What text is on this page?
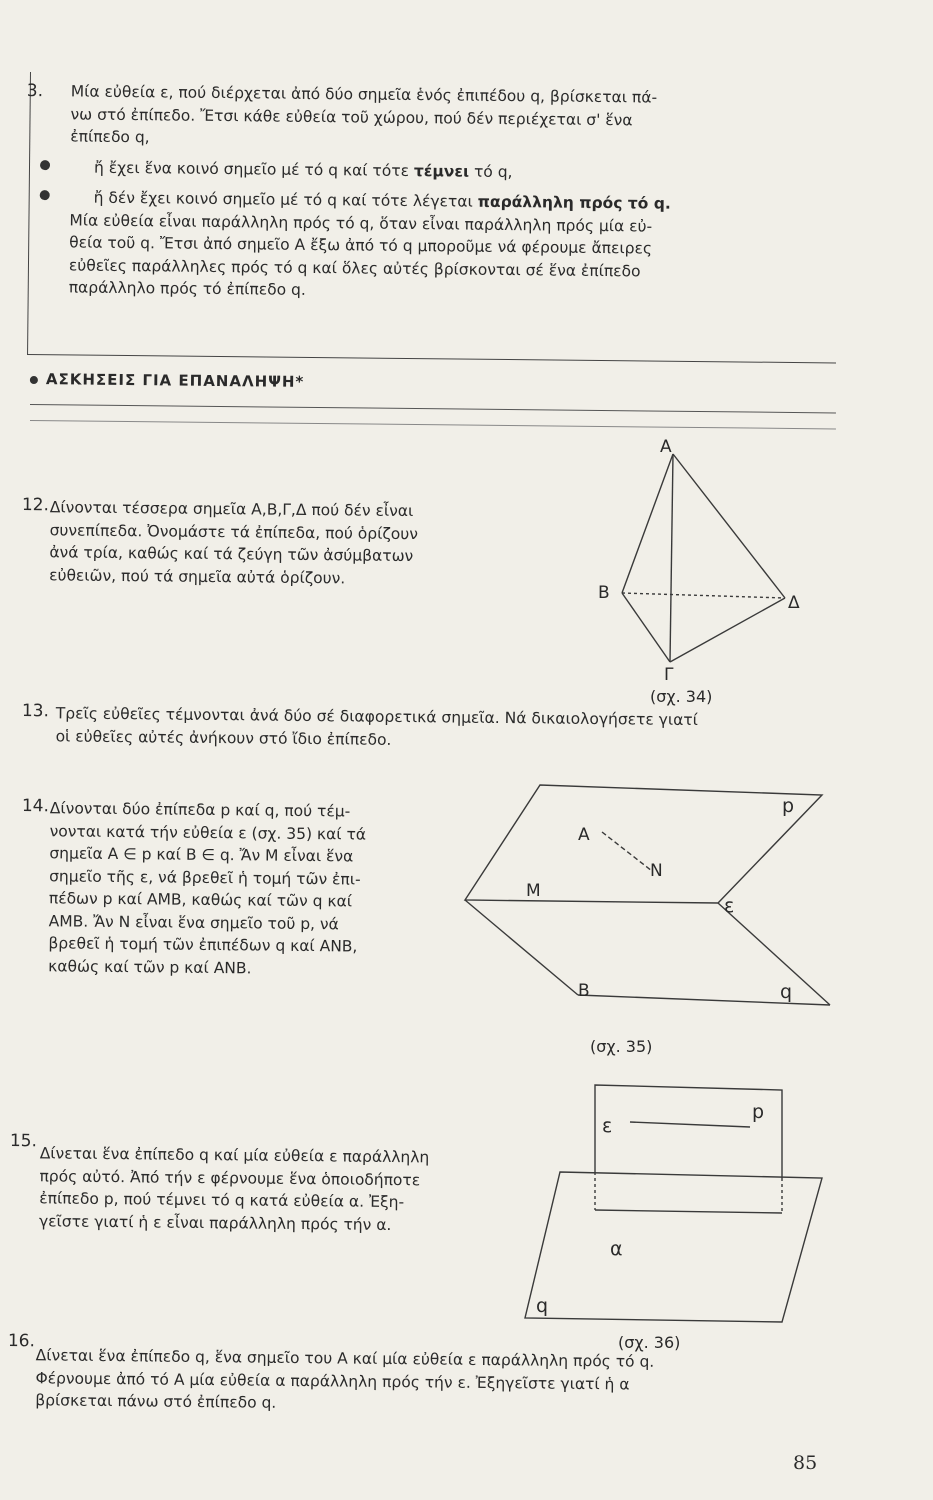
3. Μία εὐθεία ε, πού διέρχεται ἀπό δύο σημεῖα ἑνός ἐπιπέδου q, βρίσκεται πά-
νω στό ἐπίπεδο. Ἔτσι κάθε εὐθεία τοῦ χώρου, πού δέν περιέχεται σ' ἕνα
ἐπίπεδο q,
ἤ ἔχει ἕνα κοινό σημεῖο μέ τό q καί τότε τέμνει τό q,
ἤ δέν ἔχει κοινό σημεῖο μέ τό q καί τότε λέγεται παράλληλη πρός τό q.
Μία εὐθεία εἶναι παράλληλη πρός τό q, ὅταν εἶναι παράλληλη πρός μία εὐ-
θεία τοῦ q. Ἔτσι ἀπό σημεῖο A ἔξω ἀπό τό q μποροῦμε νά φέρουμε ἄπειρες
εὐθεῖες παράλληλες πρός τό q καί ὅλες αὐτές βρίσκονται σέ ἕνα ἐπίπεδο
παράλληλο πρός τό ἐπίπεδο q.
ΑΣΚΗΣΕΙΣ ΓΙΑ ΕΠΑΝΑΛΗΨΗ*
12. Δίνονται τέσσερα σημεῖα A,B,Γ,Δ πού δέν εἶναι
συνεπίπεδα. Ὀνομάστε τά ἐπίπεδα, πού ὁρίζουν
ἀνά τρία, καθώς καί τά ζεύγη τῶν ἀσύμβατων
εὐθειῶν, πού τά σημεῖα αὐτά ὁρίζουν.
A
B	Δ
Γ
(σχ. 34)
13. Τρεῖς εὐθεῖες τέμνονται ἀνά δύο σέ διαφορετικά σημεῖα. Νά δικαιολογήσετε γιατί
οἱ εὐθεῖες αὐτές ἀνήκουν στό ἴδιο ἐπίπεδο.
14. Δίνονται δύο ἐπίπεδα p καί q, πού τέμ-
νονται κατά τήν εὐθεία ε (σχ. 35) καί τά
σημεῖα A ∈ p καί B ∈ q. Ἄν M εἶναι ἕνα
σημεῖο τῆς ε, νά βρεθεῖ ἡ τομή τῶν ἐπι-
πέδων p καί AMB, καθώς καί τῶν q καί
AMB. Ἄν N εἶναι ἕνα σημεῖο τοῦ p, νά
βρεθεῖ ἡ τομή τῶν ἐπιπέδων q καί ANB,
καθώς καί τῶν p καί ANB.
p
A
N
M
ε
B	q
(σχ. 35)
15.
Δίνεται ἕνα ἐπίπεδο q καί μία εὐθεία ε παράλληλη
πρός αὐτό. Ἀπό τήν ε φέρνουμε ἕνα ὁποιοδήποτε
ἐπίπεδο p, πού τέμνει τό q κατά εὐθεία α. Ἐξη-
γεῖστε γιατί ἡ ε εἶναι παράλληλη πρός τήν α.
p
ε
α
q
(σχ. 36)
16.
Δίνεται ἕνα ἐπίπεδο q, ἕνα σημεῖο του A καί μία εὐθεία ε παράλληλη πρός τό q.
Φέρνουμε ἀπό τό A μία εὐθεία α παράλληλη πρός τήν ε. Ἐξηγεῖστε γιατί ἡ α
βρίσκεται πάνω στό ἐπίπεδο q.
85
